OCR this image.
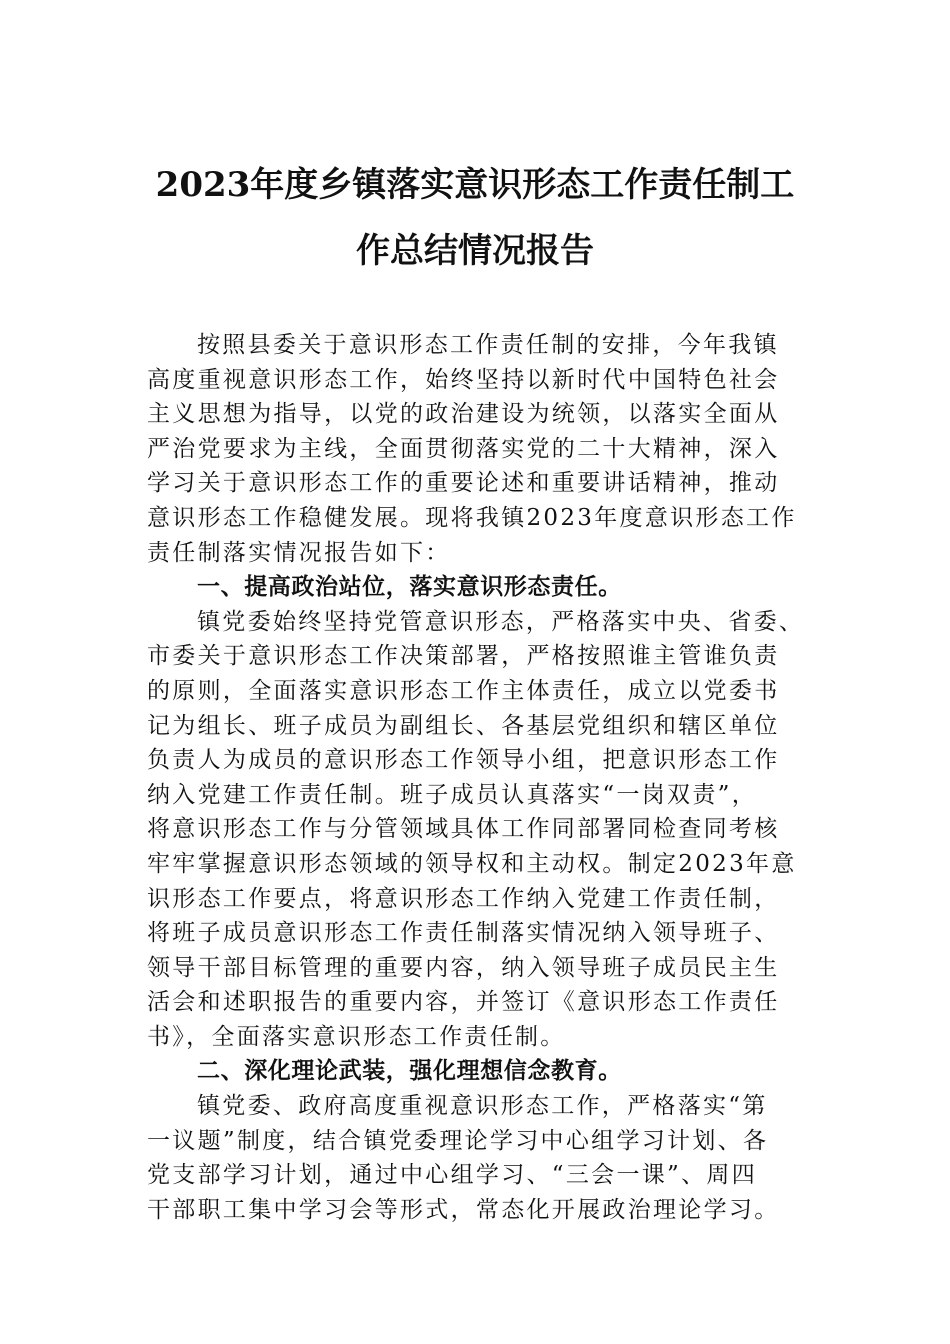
2023年度乡镇落实意识形态工作责任制工
作总结情况报告
按照县委关于意识形态工作责任制的安排，今年我镇
高度重视意识形态工作，始终坚持以新时代中国特色社会
主义思想为指导，以党的政治建设为统领，以落实全面从
严治党要求为主线，全面贯彻落实党的二十大精神，深入
学习关于意识形态工作的重要论述和重要讲话精神，推动
意识形态工作稳健发展。现将我镇2023年度意识形态工作
责任制落实情况报告如下：
一、提高政治站位，落实意识形态责任。
镇党委始终坚持党管意识形态，严格落实中央、省委、
市委关于意识形态工作决策部署，严格按照谁主管谁负责
的原则，全面落实意识形态工作主体责任，成立以党委书
记为组长、班子成员为副组长、各基层党组织和辖区单位
负责人为成员的意识形态工作领导小组，把意识形态工作
纳入党建工作责任制。班子成员认真落实“一岗双责”，
将意识形态工作与分管领域具体工作同部署同检查同考核
牢牢掌握意识形态领域的领导权和主动权。制定2023年意
识形态工作要点，将意识形态工作纳入党建工作责任制，
将班子成员意识形态工作责任制落实情况纳入领导班子、
领导干部目标管理的重要内容，纳入领导班子成员民主生
活会和述职报告的重要内容，并签订《意识形态工作责任
书》，全面落实意识形态工作责任制。
二、深化理论武装，强化理想信念教育。
镇党委、政府高度重视意识形态工作，严格落实“第
一议题”制度，结合镇党委理论学习中心组学习计划、各
党支部学习计划，通过中心组学习、“三会一课”、周四
干部职工集中学习会等形式，常态化开展政治理论学习。
